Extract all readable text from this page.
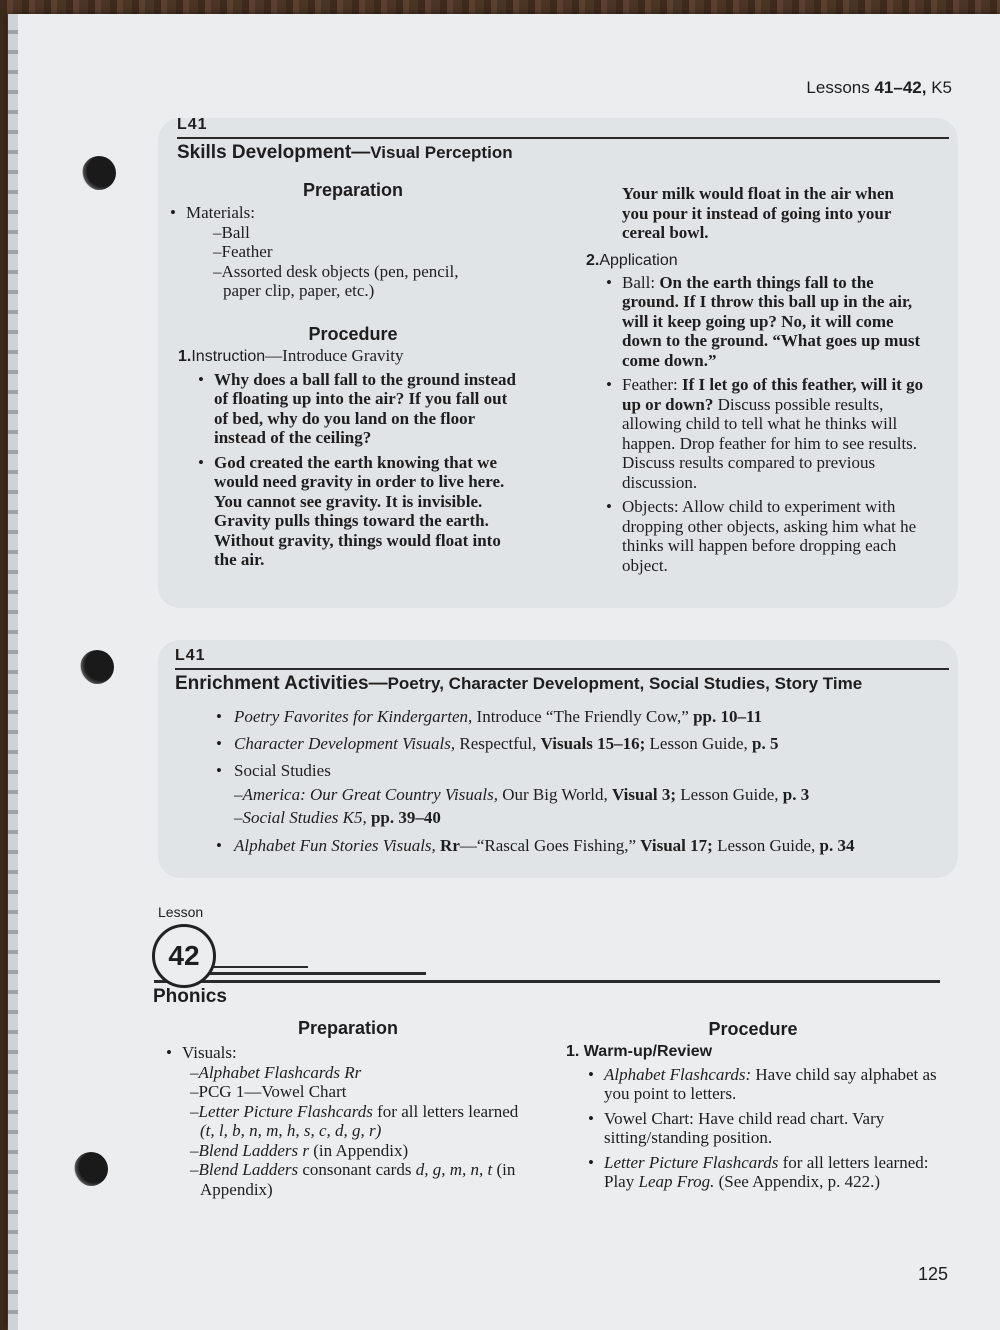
Lessons 41–42, K5
L41
Skills Development—Visual Perception
Preparation
• Materials:
–Ball
–Feather
–Assorted desk objects (pen, pencil, paper clip, paper, etc.)
Procedure
1.Instruction—Introduce Gravity
• Why does a ball fall to the ground instead of floating up into the air? If you fall out of bed, why do you land on the floor instead of the ceiling?
• God created the earth knowing that we would need gravity in order to live here. You cannot see gravity. It is invisible. Gravity pulls things toward the earth. Without gravity, things would float into the air.
Your milk would float in the air when you pour it instead of going into your cereal bowl.
2.Application
• Ball: On the earth things fall to the ground. If I throw this ball up in the air, will it keep going up? No, it will come down to the ground. “What goes up must come down.”
• Feather: If I let go of this feather, will it go up or down? Discuss possible results, allowing child to tell what he thinks will happen. Drop feather for him to see results. Discuss results compared to previous discussion.
• Objects: Allow child to experiment with dropping other objects, asking him what he thinks will happen before dropping each object.
L41
Enrichment Activities—Poetry, Character Development, Social Studies, Story Time
• Poetry Favorites for Kindergarten, Introduce “The Friendly Cow,” pp. 10–11
• Character Development Visuals, Respectful, Visuals 15–16; Lesson Guide, p. 5
• Social Studies
–America: Our Great Country Visuals, Our Big World, Visual 3; Lesson Guide, p. 3
–Social Studies K5, pp. 39–40
• Alphabet Fun Stories Visuals, Rr—“Rascal Goes Fishing,” Visual 17; Lesson Guide, p. 34
Lesson
42
Phonics
Preparation
• Visuals:
–Alphabet Flashcards Rr
–PCG 1—Vowel Chart
–Letter Picture Flashcards for all letters learned (t, l, b, n, m, h, s, c, d, g, r)
–Blend Ladders r (in Appendix)
–Blend Ladders consonant cards d, g, m, n, t (in Appendix)
Procedure
1. Warm-up/Review
• Alphabet Flashcards: Have child say alphabet as you point to letters.
• Vowel Chart: Have child read chart. Vary sitting/standing position.
• Letter Picture Flashcards for all letters learned: Play Leap Frog. (See Appendix, p. 422.)
125
